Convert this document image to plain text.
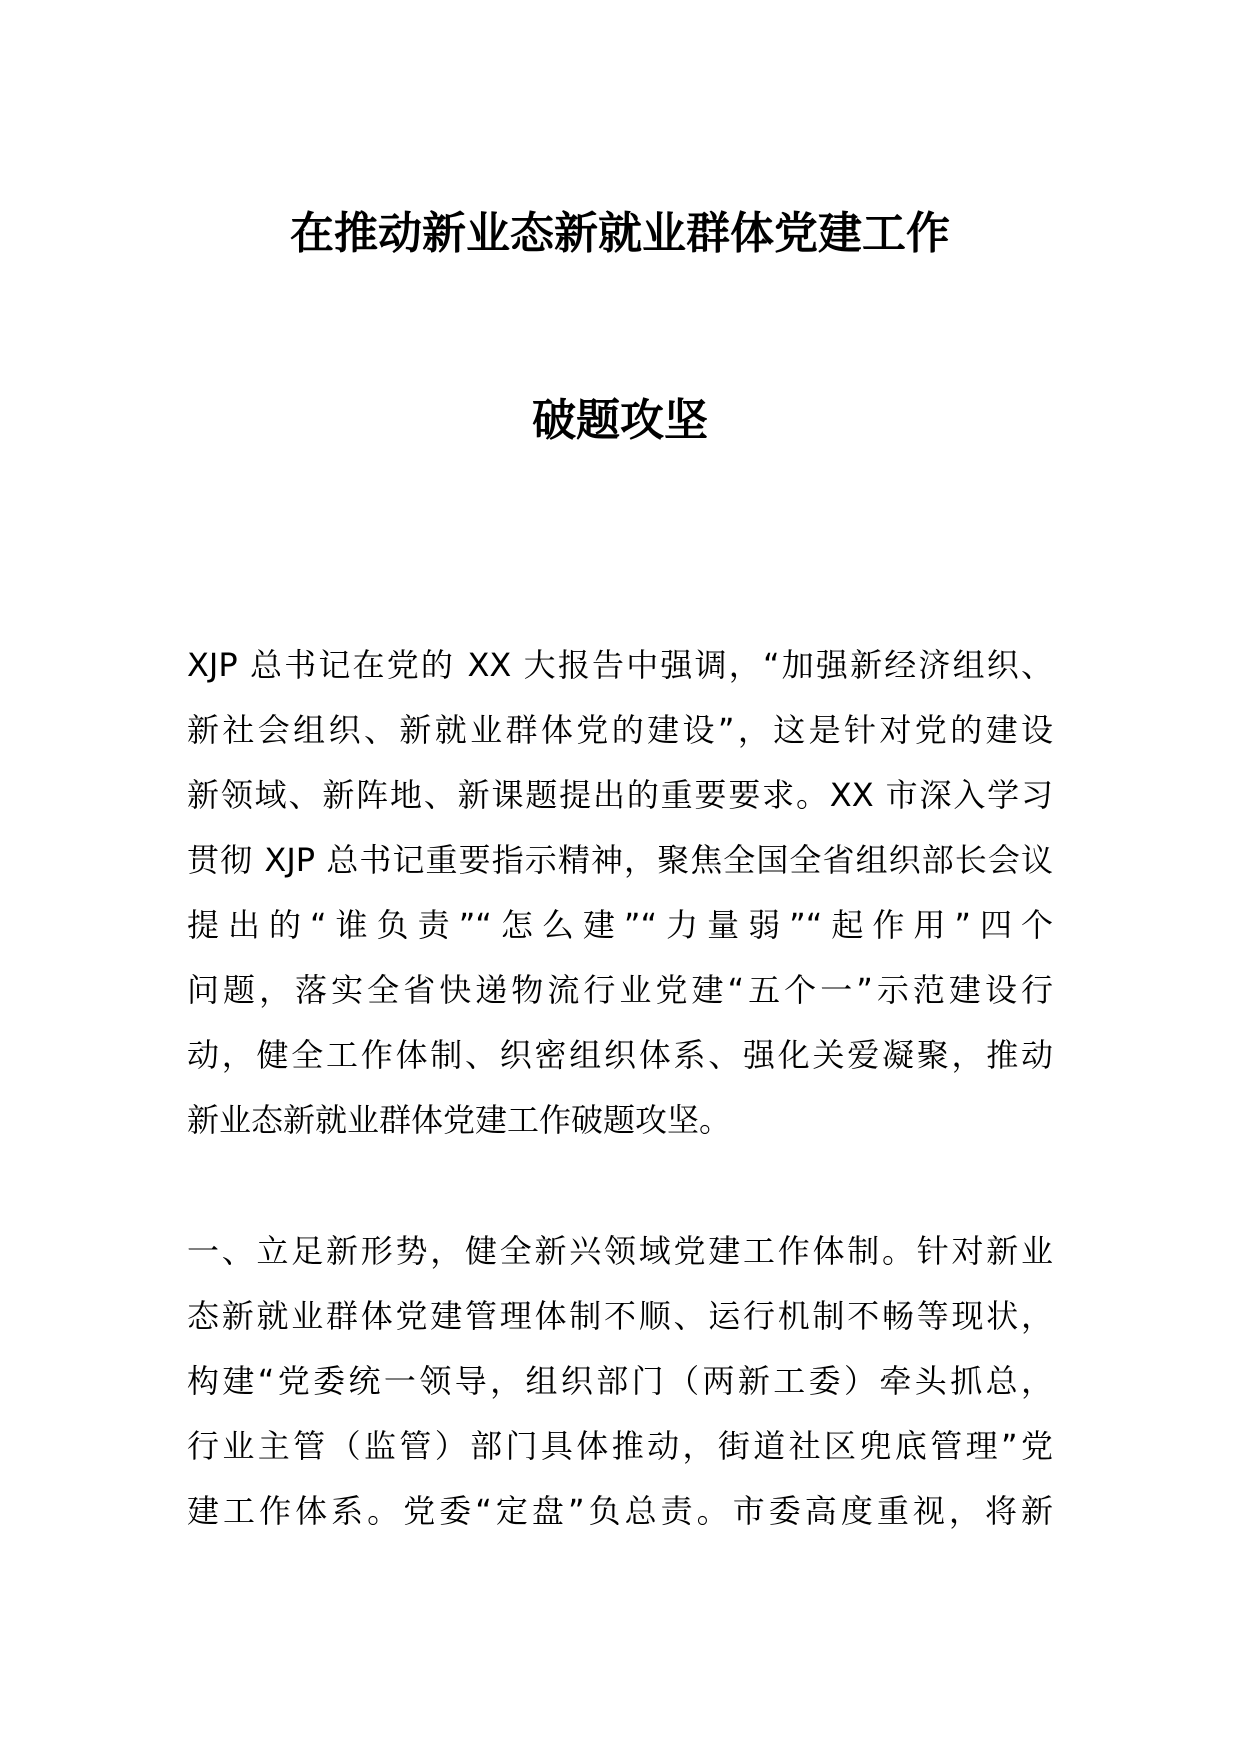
在推动新业态新就业群体党建工作
破题攻坚
XJP 总书记在党的 XX 大报告中强调，“加强新经济组织、
新社会组织、新就业群体党的建设”，这是针对党的建设
新领域、新阵地、新课题提出的重要要求。XX 市深入学习
贯彻 XJP 总书记重要指示精神，聚焦全国全省组织部长会议
提出的“谁负责”“怎么建”“力量弱”“起作用”四个
问题，落实全省快递物流行业党建“五个一”示范建设行
动，健全工作体制、织密组织体系、强化关爱凝聚，推动
新业态新就业群体党建工作破题攻坚。
一、立足新形势，健全新兴领域党建工作体制。针对新业
态新就业群体党建管理体制不顺、运行机制不畅等现状，
构建“党委统一领导，组织部门（两新工委）牵头抓总，
行业主管（监管）部门具体推动，街道社区兜底管理”党
建工作体系。党委“定盘”负总责。市委高度重视，将新
